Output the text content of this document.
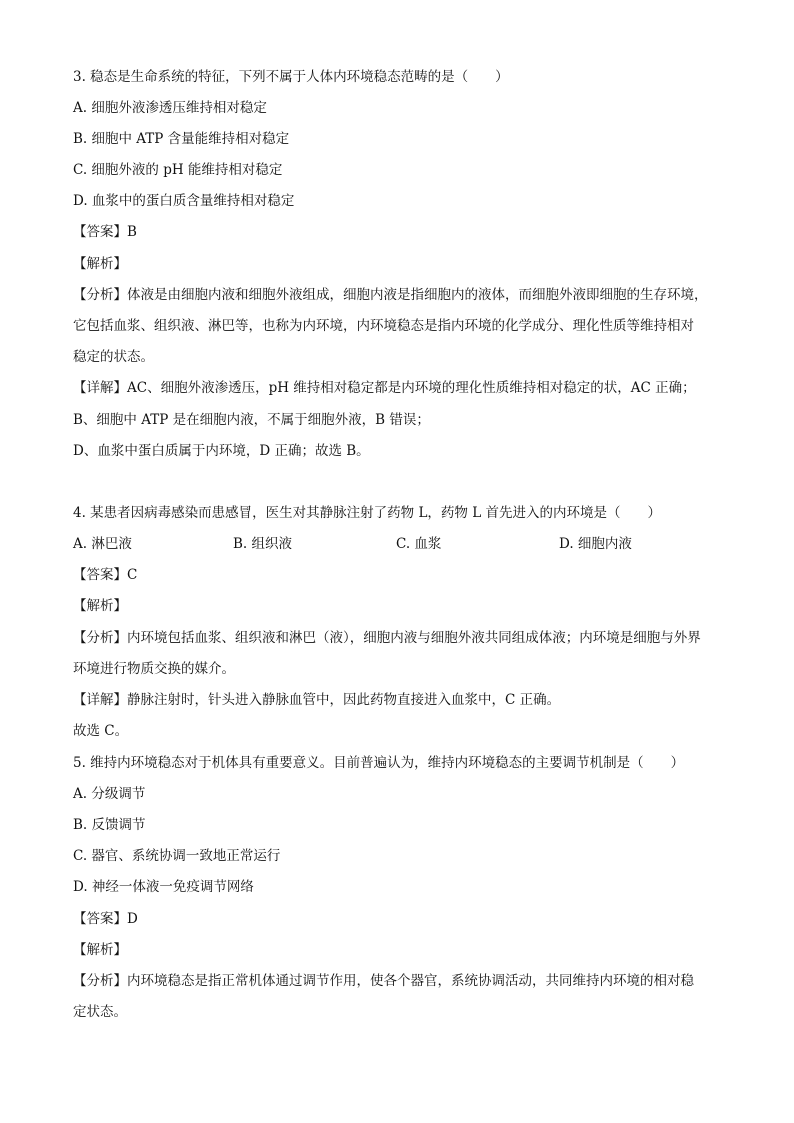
3. 稳态是生命系统的特征，下列不属于人体内环境稳态范畴的是（　　）
A. 细胞外液渗透压维持相对稳定
B. 细胞中 ATP 含量能维持相对稳定
C. 细胞外液的 pH 能维持相对稳定
D. 血浆中的蛋白质含量维持相对稳定
【答案】B
【解析】
【分析】体液是由细胞内液和细胞外液组成，细胞内液是指细胞内的液体，而细胞外液即细胞的生存环境，
它包括血浆、组织液、淋巴等，也称为内环境，内环境稳态是指内环境的化学成分、理化性质等维持相对
稳定的状态。
【详解】AC、细胞外液渗透压，pH 维持相对稳定都是内环境的理化性质维持相对稳定的状，AC 正确；
B、细胞中 ATP 是在细胞内液，不属于细胞外液，B 错误；
D、血浆中蛋白质属于内环境，D 正确；故选 B。
4. 某患者因病毒感染而患感冒，医生对其静脉注射了药物 L，药物 L 首先进入的内环境是（　　）
A. 淋巴液	B. 组织液	C. 血浆	D. 细胞内液
【答案】C
【解析】
【分析】内环境包括血浆、组织液和淋巴（液），细胞内液与细胞外液共同组成体液；内环境是细胞与外界
环境进行物质交换的媒介。
【详解】静脉注射时，针头进入静脉血管中，因此药物直接进入血浆中，C 正确。
故选 C。
5. 维持内环境稳态对于机体具有重要意义。目前普遍认为，维持内环境稳态的主要调节机制是（　　）
A. 分级调节
B. 反馈调节
C. 器官、系统协调一致地正常运行
D. 神经一体液一免疫调节网络
【答案】D
【解析】
【分析】内环境稳态是指正常机体通过调节作用，使各个器官，系统协调活动，共同维持内环境的相对稳
定状态。
